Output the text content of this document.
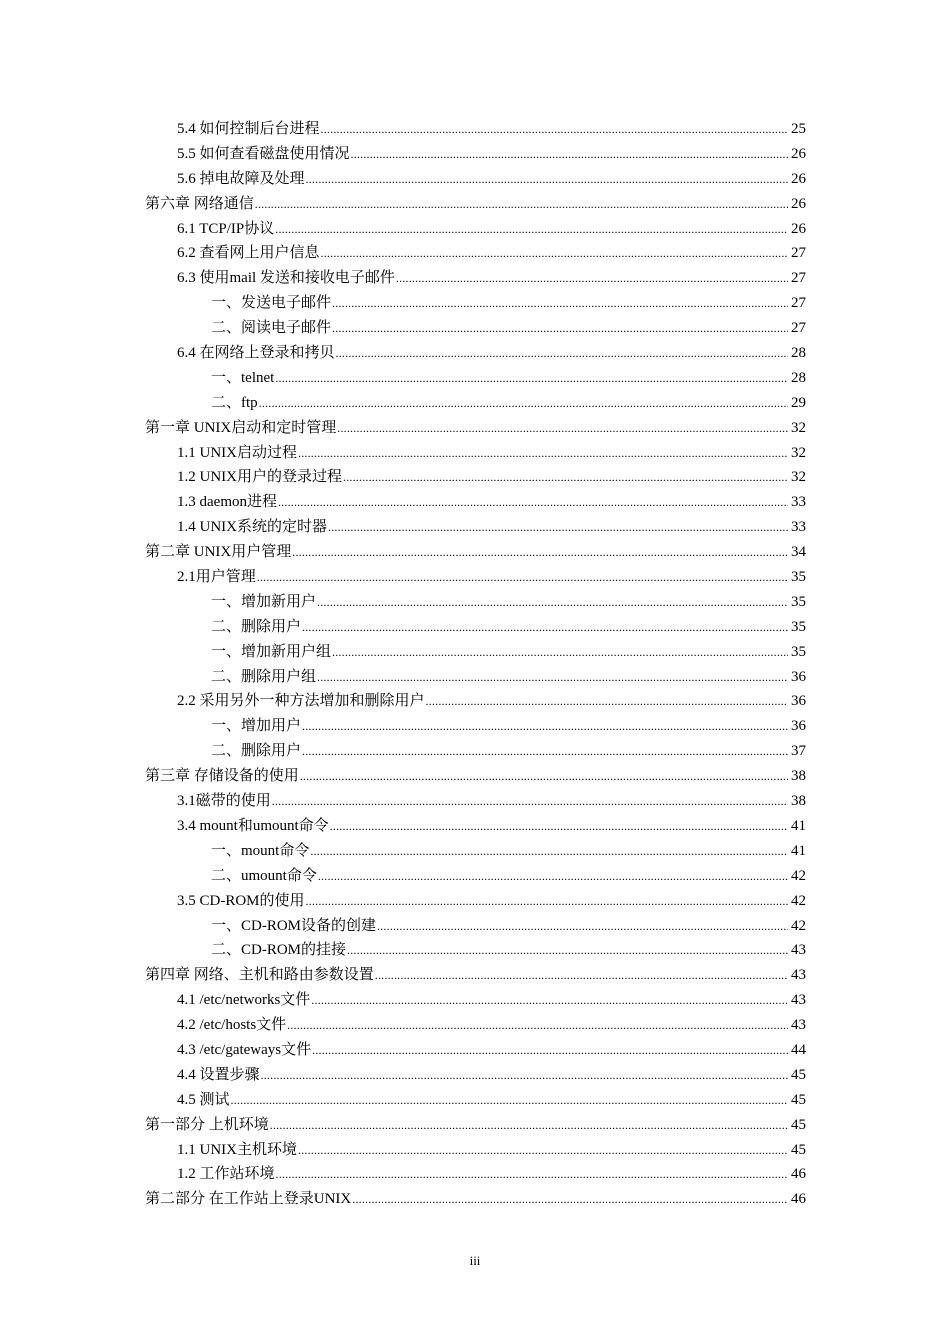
5.4 如何控制后台进程 .....	25
5.5 如何查看磁盘使用情况 .....	26
5.6 掉电故障及处理 .....	26
第六章 网络通信 .....	26
6.1 TCP/IP协议 .....	26
6.2 查看网上用户信息 .....	27
6.3 使用mail 发送和接收电子邮件 .....	27
一、发送电子邮件 .....	27
二、阅读电子邮件 .....	27
6.4 在网络上登录和拷贝 .....	28
一、telnet .....	28
二、ftp .....	29
第一章 UNIX启动和定时管理 .....	32
1.1 UNIX启动过程 .....	32
1.2 UNIX用户的登录过程 .....	32
1.3 daemon进程 .....	33
1.4 UNIX系统的定时器 .....	33
第二章 UNIX用户管理 .....	34
2.1用户管理 .....	35
一、增加新用户 .....	35
二、删除用户 .....	35
一、增加新用户组 .....	35
二、删除用户组 .....	36
2.2 采用另外一种方法增加和删除用户 .....	36
一、增加用户 .....	36
二、删除用户 .....	37
第三章 存储设备的使用 .....	38
3.1磁带的使用 .....	38
3.4 mount和umount命令 .....	41
一、mount命令 .....	41
二、umount命令 .....	42
3.5 CD-ROM的使用 .....	42
一、CD-ROM设备的创建 .....	42
二、CD-ROM的挂接 .....	43
第四章 网络、主机和路由参数设置 .....	43
4.1 /etc/networks文件 .....	43
4.2 /etc/hosts文件 .....	43
4.3 /etc/gateways文件 .....	44
4.4 设置步骤 .....	45
4.5 测试 .....	45
第一部分 上机环境 .....	45
1.1 UNIX主机环境 .....	45
1.2 工作站环境 .....	46
第二部分 在工作站上登录UNIX .....	46
iii
